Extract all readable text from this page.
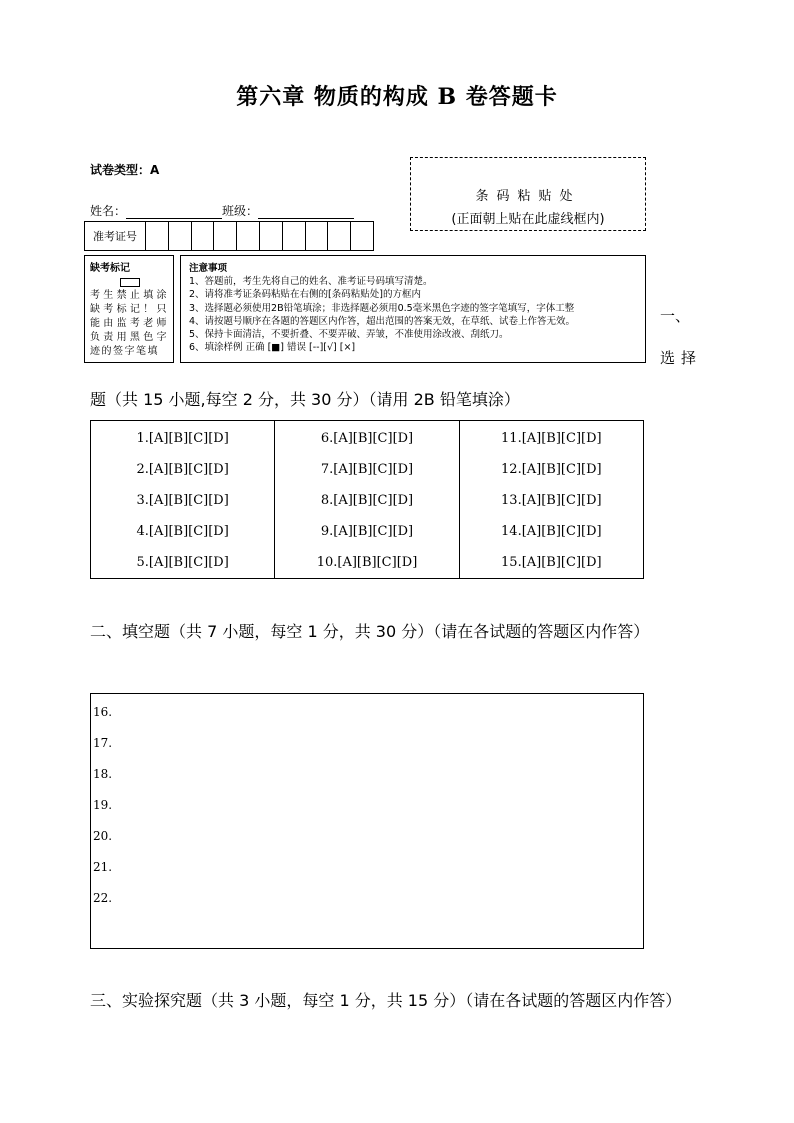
第六章 物质的构成 B 卷答题卡
试卷类型：A
姓名：	班级：
条码粘贴处
(正面朝上贴在此虚线框内)
准考证号
缺考标记
考生禁止填涂缺考标记！只能由监考老师负责用黑色字迹的签字笔填
注意事项
1、答题前，考生先将自己的姓名、准考证号码填写清楚。
2、请将准考证条码粘贴在右侧的[条码粘贴处]的方框内
3、选择题必须使用2B铅笔填涂；非选择题必须用0.5毫米黑色字迹的签字笔填写，字体工整
4、请按题号顺序在各题的答题区内作答，超出范围的答案无效，在草纸、试卷上作答无效。
5、保持卡面清洁，不要折叠、不要弄破、弄皱，不准使用涂改液、刮纸刀。
6、填涂样例 正确 [■] 错误 [--][√] [×]
一、
选择
题（共 15 小题,每空 2 分，共 30 分）（请用 2B 铅笔填涂）
1.[A][B][C][D]
2.[A][B][C][D]
3.[A][B][C][D]
4.[A][B][C][D]
5.[A][B][C][D]
6.[A][B][C][D]
7.[A][B][C][D]
8.[A][B][C][D]
9.[A][B][C][D]
10.[A][B][C][D]
11.[A][B][C][D]
12.[A][B][C][D]
13.[A][B][C][D]
14.[A][B][C][D]
15.[A][B][C][D]
二、填空题（共 7 小题，每空 1 分，共 30 分）（请在各试题的答题区内作答）
16.
17.
18.
19.
20.
21.
22.
三、实验探究题（共 3 小题，每空 1 分，共 15 分）（请在各试题的答题区内作答）
